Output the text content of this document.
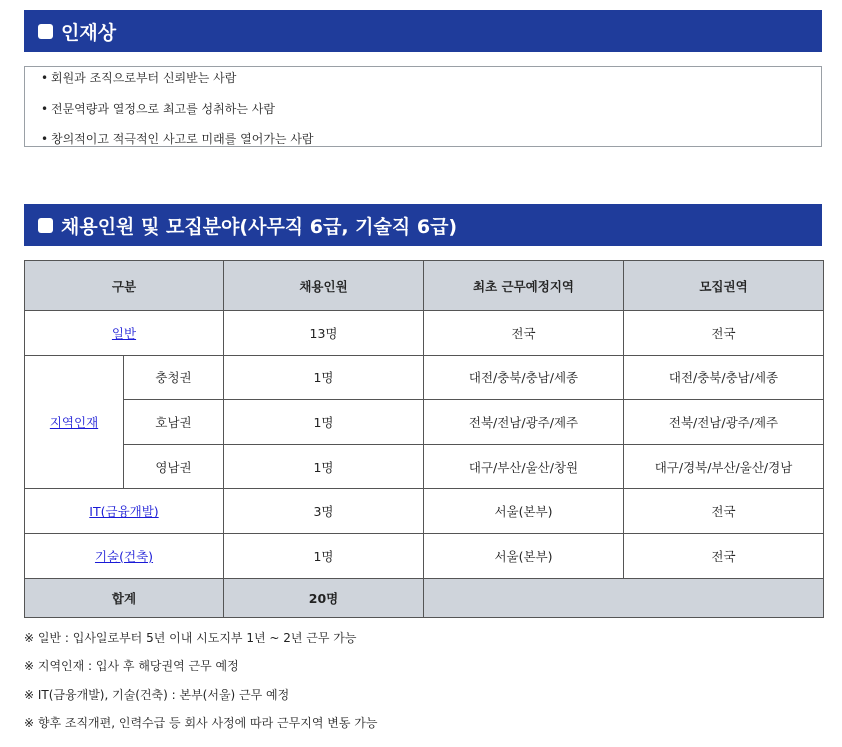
인재상
• 회원과 조직으로부터 신뢰받는 사람
• 전문역량과 열정으로 최고를 성취하는 사람
• 창의적이고 적극적인 사고로 미래를 열어가는 사람
채용인원 및 모집분야(사무직 6급, 기술직 6급)
구분		채용인원	최초 근무예정지역	모집권역
일반		13명	전국	전국
지역인재	충청권	1명	대전/충북/충남/세종	대전/충북/충남/세종
	호남권	1명	전북/전남/광주/제주	전북/전남/광주/제주
	영남권	1명	대구/부산/울산/창원	대구/경북/부산/울산/경남
IT(금융개발)		3명	서울(본부)	전국
기술(건축)		1명	서울(본부)	전국
합계		20명		
※ 일반 : 입사일로부터 5년 이내 시도지부 1년 ~ 2년 근무 가능
※ 지역인재 : 입사 후 해당권역 근무 예정
※ IT(금융개발), 기술(건축) : 본부(서울) 근무 예정
※ 향후 조직개편, 인력수급 등 회사 사정에 따라 근무지역 변동 가능
